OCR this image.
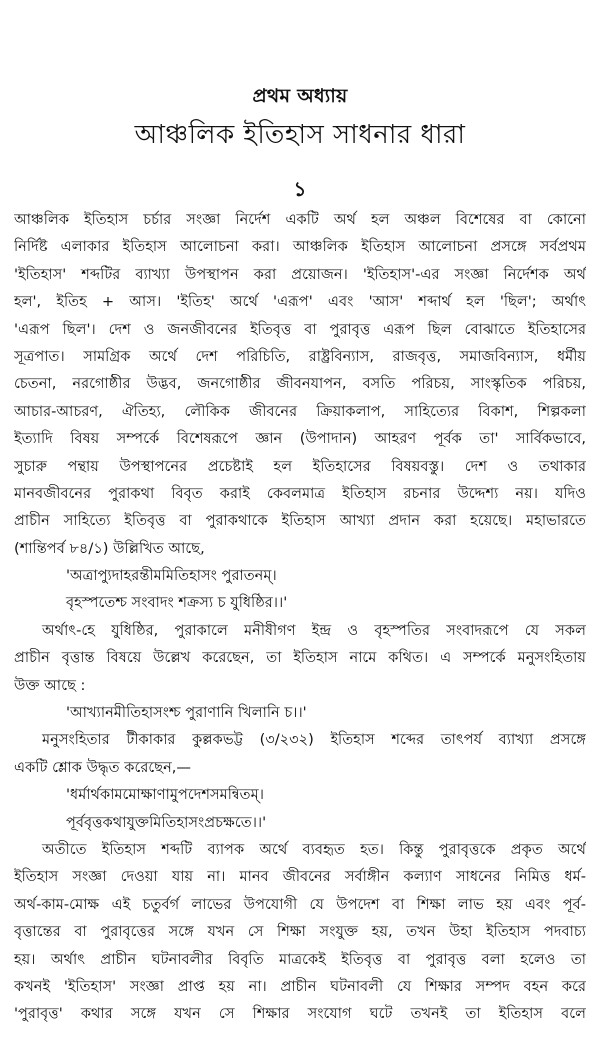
প্রথম অধ্যায়
আঞ্চলিক ইতিহাস সাধনার ধারা
১
আঞ্চলিক ইতিহাস চর্চার সংজ্ঞা নির্দেশ একটি অর্থ হল অঞ্চল বিশেষের বা কোনো
নির্দিষ্ট এলাকার ইতিহাস আলোচনা করা। আঞ্চলিক ইতিহাস আলোচনা প্রসঙ্গে সর্বপ্রথম
'ইতিহাস' শব্দটির ব্যাখ্যা উপস্থাপন করা প্রয়োজন। 'ইতিহাস'-এর সংজ্ঞা নির্দেশক অর্থ
হল', ইতিহ + আস। 'ইতিহ' অর্থে 'এরূপ' এবং 'আস' শব্দার্থ হল 'ছিল'; অর্থাৎ
'এরূপ ছিল'। দেশ ও জনজীবনের ইতিবৃত্ত বা পুরাবৃত্ত এরূপ ছিল বোঝাতে ইতিহাসের
সূত্রপাত। সামগ্রিক অর্থে দেশ পরিচিতি, রাষ্ট্রবিন্যাস, রাজবৃত্ত, সমাজবিন্যাস, ধর্মীয়
চেতনা, নরগোষ্ঠীর উদ্ভব, জনগোষ্ঠীর জীবনযাপন, বসতি পরিচয়, সাংস্কৃতিক পরিচয়,
আচার-আচরণ, ঐতিহ্য, লৌকিক জীবনের ক্রিয়াকলাপ, সাহিত্যের বিকাশ, শিল্পকলা
ইত্যাদি বিষয় সম্পর্কে বিশেষরূপে জ্ঞান (উপাদান) আহরণ পূর্বক তা' সার্বিকভাবে,
সুচারু পন্থায় উপস্থাপনের প্রচেষ্টাই হল ইতিহাসের বিষয়বস্তু। দেশ ও তথাকার
মানবজীবনের পুরাকথা বিবৃত করাই কেবলমাত্র ইতিহাস রচনার উদ্দেশ্য নয়। যদিও
প্রাচীন সাহিত্যে ইতিবৃত্ত বা পুরাকথাকে ইতিহাস আখ্যা প্রদান করা হয়েছে। মহাভারতে
(শান্তিপর্ব ৮৪/১) উল্লিখিত আছে,
'অত্রাপ্যুদাহরন্তীমমিতিহাসং পুরাতনম্।
বৃহস্পতেশ্চ সংবাদং শক্রস্য চ যুধিষ্ঠির।।'
অর্থাৎ-হে যুধিষ্ঠির, পুরাকালে মনীষীগণ ইন্দ্র ও বৃহস্পতির সংবাদরূপে যে সকল
প্রাচীন বৃত্তান্ত বিষয়ে উল্লেখ করেছেন, তা ইতিহাস নামে কথিত। এ সম্পর্কে মনুসংহিতায়
উক্ত আছে :
'আখ্যানমীতিহাসংশ্চ পুরাণানি খিলানি চ।।'
মনুসংহিতার টীকাকার কুল্লকভট্ট (৩/২৩২) ইতিহাস শব্দের তাৎপর্য ব্যাখ্যা প্রসঙ্গে
একটি শ্লোক উদ্ধৃত করেছেন,—
'ধর্মার্থকামমোক্ষাণামুপদেশসমন্বিতম্।
পূর্ববৃত্তকথাযুক্তমিতিহাসংপ্রচক্ষতে।।'
অতীতে ইতিহাস শব্দটি ব্যাপক অর্থে ব্যবহৃত হত। কিন্তু পুরাবৃত্তকে প্রকৃত অর্থে
ইতিহাস সংজ্ঞা দেওয়া যায় না। মানব জীবনের সর্বাঙ্গীন কল্যাণ সাধনের নিমিত্ত ধর্ম-
অর্থ-কাম-মোক্ষ এই চতুর্বর্গ লাভের উপযোগী যে উপদেশ বা শিক্ষা লাভ হয় এবং পূর্ব-
বৃত্তান্তের বা পুরাবৃত্তের সঙ্গে যখন সে শিক্ষা সংযুক্ত হয়, তখন উহা ইতিহাস পদবাচ্য
হয়। অর্থাৎ প্রাচীন ঘটনাবলীর বিবৃতি মাত্রকেই ইতিবৃত্ত বা পুরাবৃত্ত বলা হলেও তা
কখনই 'ইতিহাস' সংজ্ঞা প্রাপ্ত হয় না। প্রাচীন ঘটনাবলী যে শিক্ষার সম্পদ বহন করে
'পুরাবৃত্ত' কথার সঙ্গে যখন সে শিক্ষার সংযোগ ঘটে তখনই তা ইতিহাস বলে
